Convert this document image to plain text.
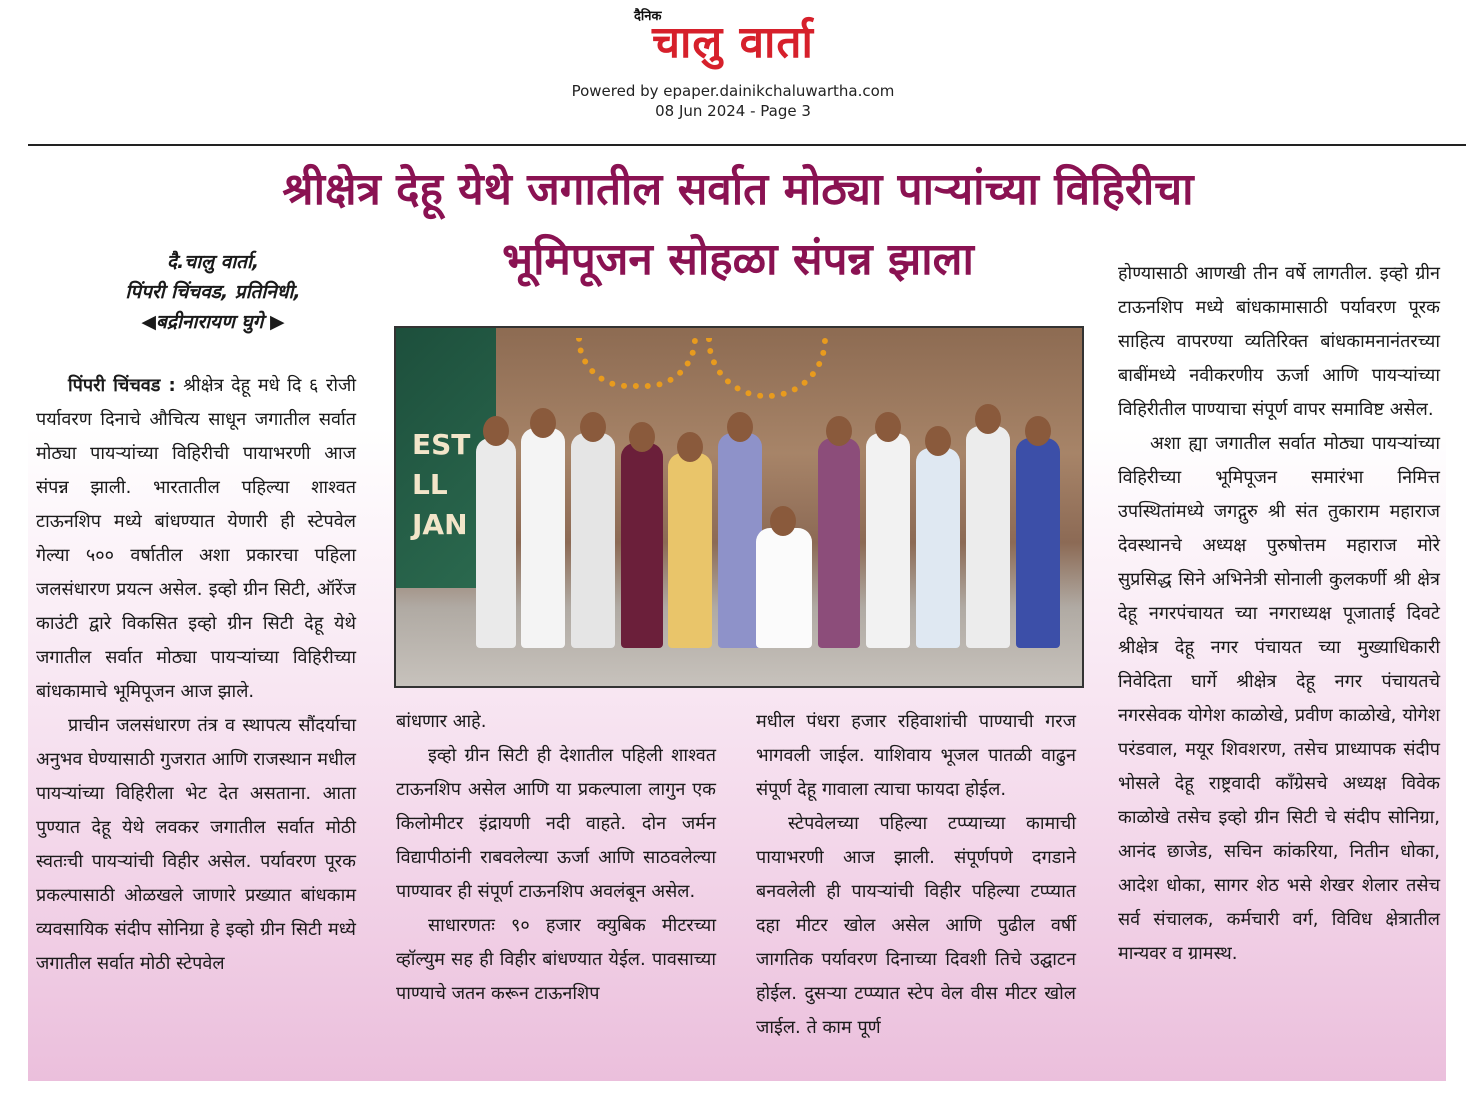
दैनिक
चालु वार्ता
Powered by epaper.dainikchaluwartha.com
08 Jun 2024 - Page 3
श्रीक्षेत्र देहू येथे जगातील सर्वात मोठ्या पाऱ्यांच्या विहिरीचा
भूमिपूजन सोहळा संपन्न झाला
दै.चालु वार्ता,
पिंपरी चिंचवड, प्रतिनिधी,
◀बद्रीनारायण घुगे ▶

पिंपरी चिंचवड : श्रीक्षेत्र देहू मधे दि ६ रोजी पर्यावरण दिनाचे औचित्य साधून जगातील सर्वात मोठ्या पायऱ्यांच्या विहिरीची पायाभरणी आज संपन्न झाली. भारतातील पहिल्या शाश्वत टाऊनशिप मध्ये बांधण्यात येणारी ही स्टेपवेल गेल्या ५०० वर्षातील अशा प्रकारचा पहिला जलसंधारण प्रयत्न असेल. इव्हो ग्रीन सिटी, ऑरेंज काउंटी द्वारे विकसित इव्हो ग्रीन सिटी देहू येथे जगातील सर्वात मोठ्या पायऱ्यांच्या विहिरीच्या बांधकामाचे भूमिपूजन आज झाले.

प्राचीन जलसंधारण तंत्र व स्थापत्य सौंदर्याचा अनुभव घेण्यासाठी गुजरात आणि राजस्थान मधील पायऱ्यांच्या विहिरीला भेट देत असताना. आता पुण्यात देहू येथे लवकर जगातील सर्वात मोठी स्वतःची पायऱ्यांची विहीर असेल. पर्यावरण पूरक प्रकल्पासाठी ओळखले जाणारे प्रख्यात बांधकाम व्यवसायिक संदीप सोनिग्रा हे इव्हो ग्रीन सिटी मध्ये जगातील सर्वात मोठी स्टेपवेल

EST
LL
JAN

बांधणार आहे.

इव्हो ग्रीन सिटी ही देशातील पहिली शाश्वत टाऊनशिप असेल आणि या प्रकल्पाला लागुन एक किलोमीटर इंद्रायणी नदी वाहते. दोन जर्मन विद्यापीठांनी राबवलेल्या ऊर्जा आणि साठवलेल्या पाण्यावर ही संपूर्ण टाऊनशिप अवलंबून असेल.

साधारणतः ९० हजार क्युबिक मीटरच्या व्हॉल्युम सह ही विहीर बांधण्यात येईल. पावसाच्या पाण्याचे जतन करून टाऊनशिप

मधील पंधरा हजार रहिवाशांची पाण्याची गरज भागवली जाईल. याशिवाय भूजल पातळी वाढुन संपूर्ण देहू गावाला त्याचा फायदा होईल.

स्टेपवेलच्या पहिल्या टप्प्याच्या कामाची पायाभरणी आज झाली. संपूर्णपणे दगडाने बनवलेली ही पायऱ्यांची विहीर पहिल्या टप्प्यात दहा मीटर खोल असेल आणि पुढील वर्षी जागतिक पर्यावरण दिनाच्या दिवशी तिचे उद्घाटन होईल. दुसऱ्या टप्प्यात स्टेप वेल वीस मीटर खोल जाईल. ते काम पूर्ण

होण्यासाठी आणखी तीन वर्षे लागतील. इव्हो ग्रीन टाऊनशिप मध्ये बांधकामासाठी पर्यावरण पूरक साहित्य वापरण्या व्यतिरिक्त बांधकामनानंतरच्या बाबींमध्ये नवीकरणीय ऊर्जा आणि पायऱ्यांच्या विहिरीतील पाण्याचा संपूर्ण वापर समाविष्ट असेल.

अशा ह्या जगातील सर्वात मोठ्या पायऱ्यांच्या विहिरीच्या भूमिपूजन समारंभा निमित्त उपस्थितांमध्ये जगद्गुरु श्री संत तुकाराम महाराज देवस्थानचे अध्यक्ष पुरुषोत्तम महाराज मोरे सुप्रसिद्ध सिने अभिनेत्री सोनाली कुलकर्णी श्री क्षेत्र देहू नगरपंचायत च्या नगराध्यक्ष पूजाताई दिवटे श्रीक्षेत्र देहू नगर पंचायत च्या मुख्याधिकारी निवेदिता घार्गे श्रीक्षेत्र देहू नगर पंचायतचे नगरसेवक योगेश काळोखे, प्रवीण काळोखे, योगेश परंडवाल, मयूर शिवशरण, तसेच प्राध्यापक संदीप भोसले देहू राष्ट्रवादी कॉंग्रेसचे अध्यक्ष विवेक काळोखे तसेच इव्हो ग्रीन सिटी चे संदीप सोनिग्रा, आनंद छाजेड, सचिन कांकरिया, नितीन धोका, आदेश धोका, सागर शेठ भसे शेखर शेलार तसेच सर्व संचालक, कर्मचारी वर्ग, विविध क्षेत्रातील मान्यवर व ग्रामस्थ.
